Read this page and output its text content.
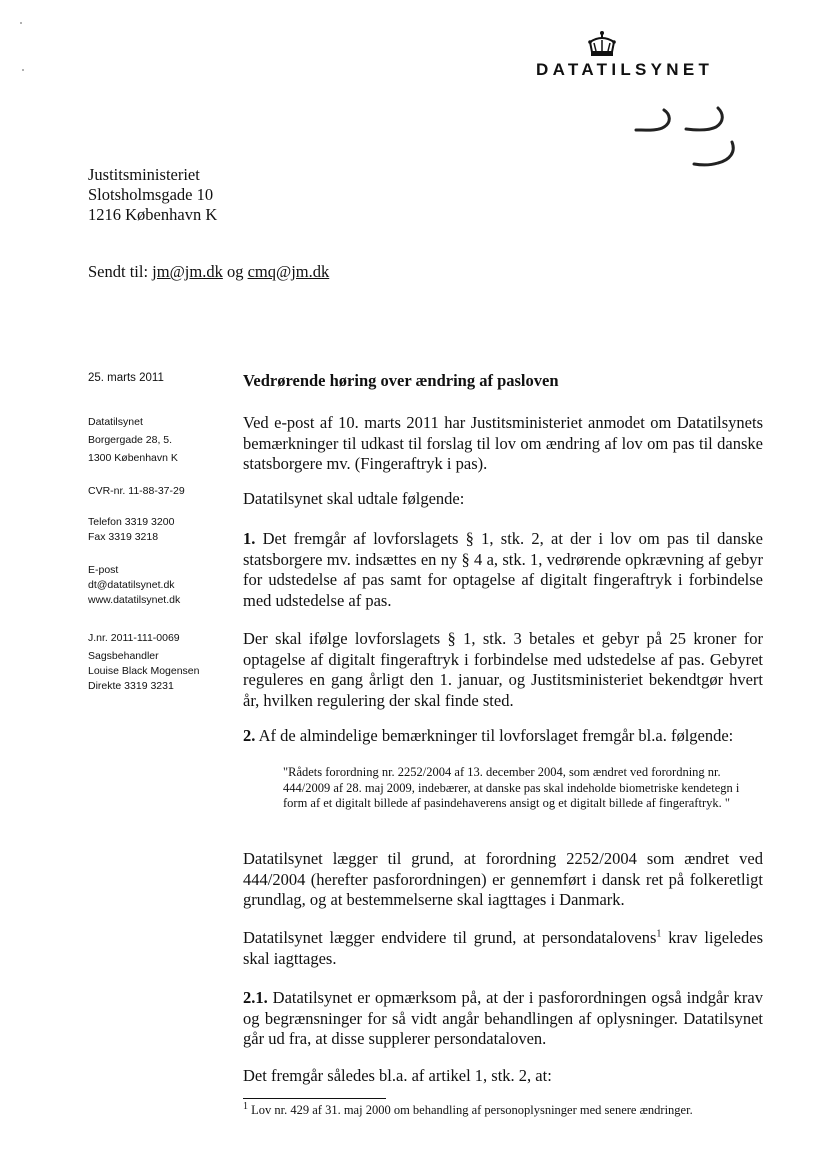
DATATILSYNET
Justitsministeriet
Slotsholmsgade 10
1216 København K
Sendt til: jm@jm.dk og cmq@jm.dk
25. marts 2011
Datatilsynet
Borgergade 28, 5.
1300 København K
CVR-nr. 11-88-37-29
Telefon 3319 3200
Fax 3319 3218
E-post
dt@datatilsynet.dk
www.datatilsynet.dk
J.nr. 2011-111-0069
Sagsbehandler
Louise Black Mogensen
Direkte 3319 3231
Vedrørende høring over ændring af pasloven
Ved e-post af 10. marts 2011 har Justitsministeriet anmodet om Datatilsynets bemærkninger til udkast til forslag til lov om ændring af lov om pas til danske statsborgere mv. (Fingeraftryk i pas).
Datatilsynet skal udtale følgende:
1. Det fremgår af lovforslagets § 1, stk. 2, at der i lov om pas til danske statsborgere mv. indsættes en ny § 4 a, stk. 1, vedrørende opkrævning af gebyr for udstedelse af pas samt for optagelse af digitalt fingeraftryk i forbindelse med udstedelse af pas.
Der skal ifølge lovforslagets § 1, stk. 3 betales et gebyr på 25 kroner for optagelse af digitalt fingeraftryk i forbindelse med udstedelse af pas. Gebyret reguleres en gang årligt den 1. januar, og Justitsministeriet bekendtgør hvert år, hvilken regulering der skal finde sted.
2. Af de almindelige bemærkninger til lovforslaget fremgår bl.a. følgende:
"Rådets forordning nr. 2252/2004 af 13. december 2004, som ændret ved forordning nr. 444/2009 af 28. maj 2009, indebærer, at danske pas skal indeholde biometriske kendetegn i form af et digitalt billede af pasindehaverens ansigt og et digitalt billede af fingeraftryk. "
Datatilsynet lægger til grund, at forordning 2252/2004 som ændret ved 444/2004 (herefter pasforordningen) er gennemført i dansk ret på folkeretligt grundlag, og at bestemmelserne skal iagttages i Danmark.
Datatilsynet lægger endvidere til grund, at persondatalovens$^1$ krav ligeledes skal iagttages.
2.1. Datatilsynet er opmærksom på, at der i pasforordningen også indgår krav og begrænsninger for så vidt angår behandlingen af oplysninger. Datatilsynet går ud fra, at disse supplerer persondataloven.
Det fremgår således bl.a. af artikel 1, stk. 2, at:
$^1$ Lov nr. 429 af 31. maj 2000 om behandling af personoplysninger med senere ændringer.
